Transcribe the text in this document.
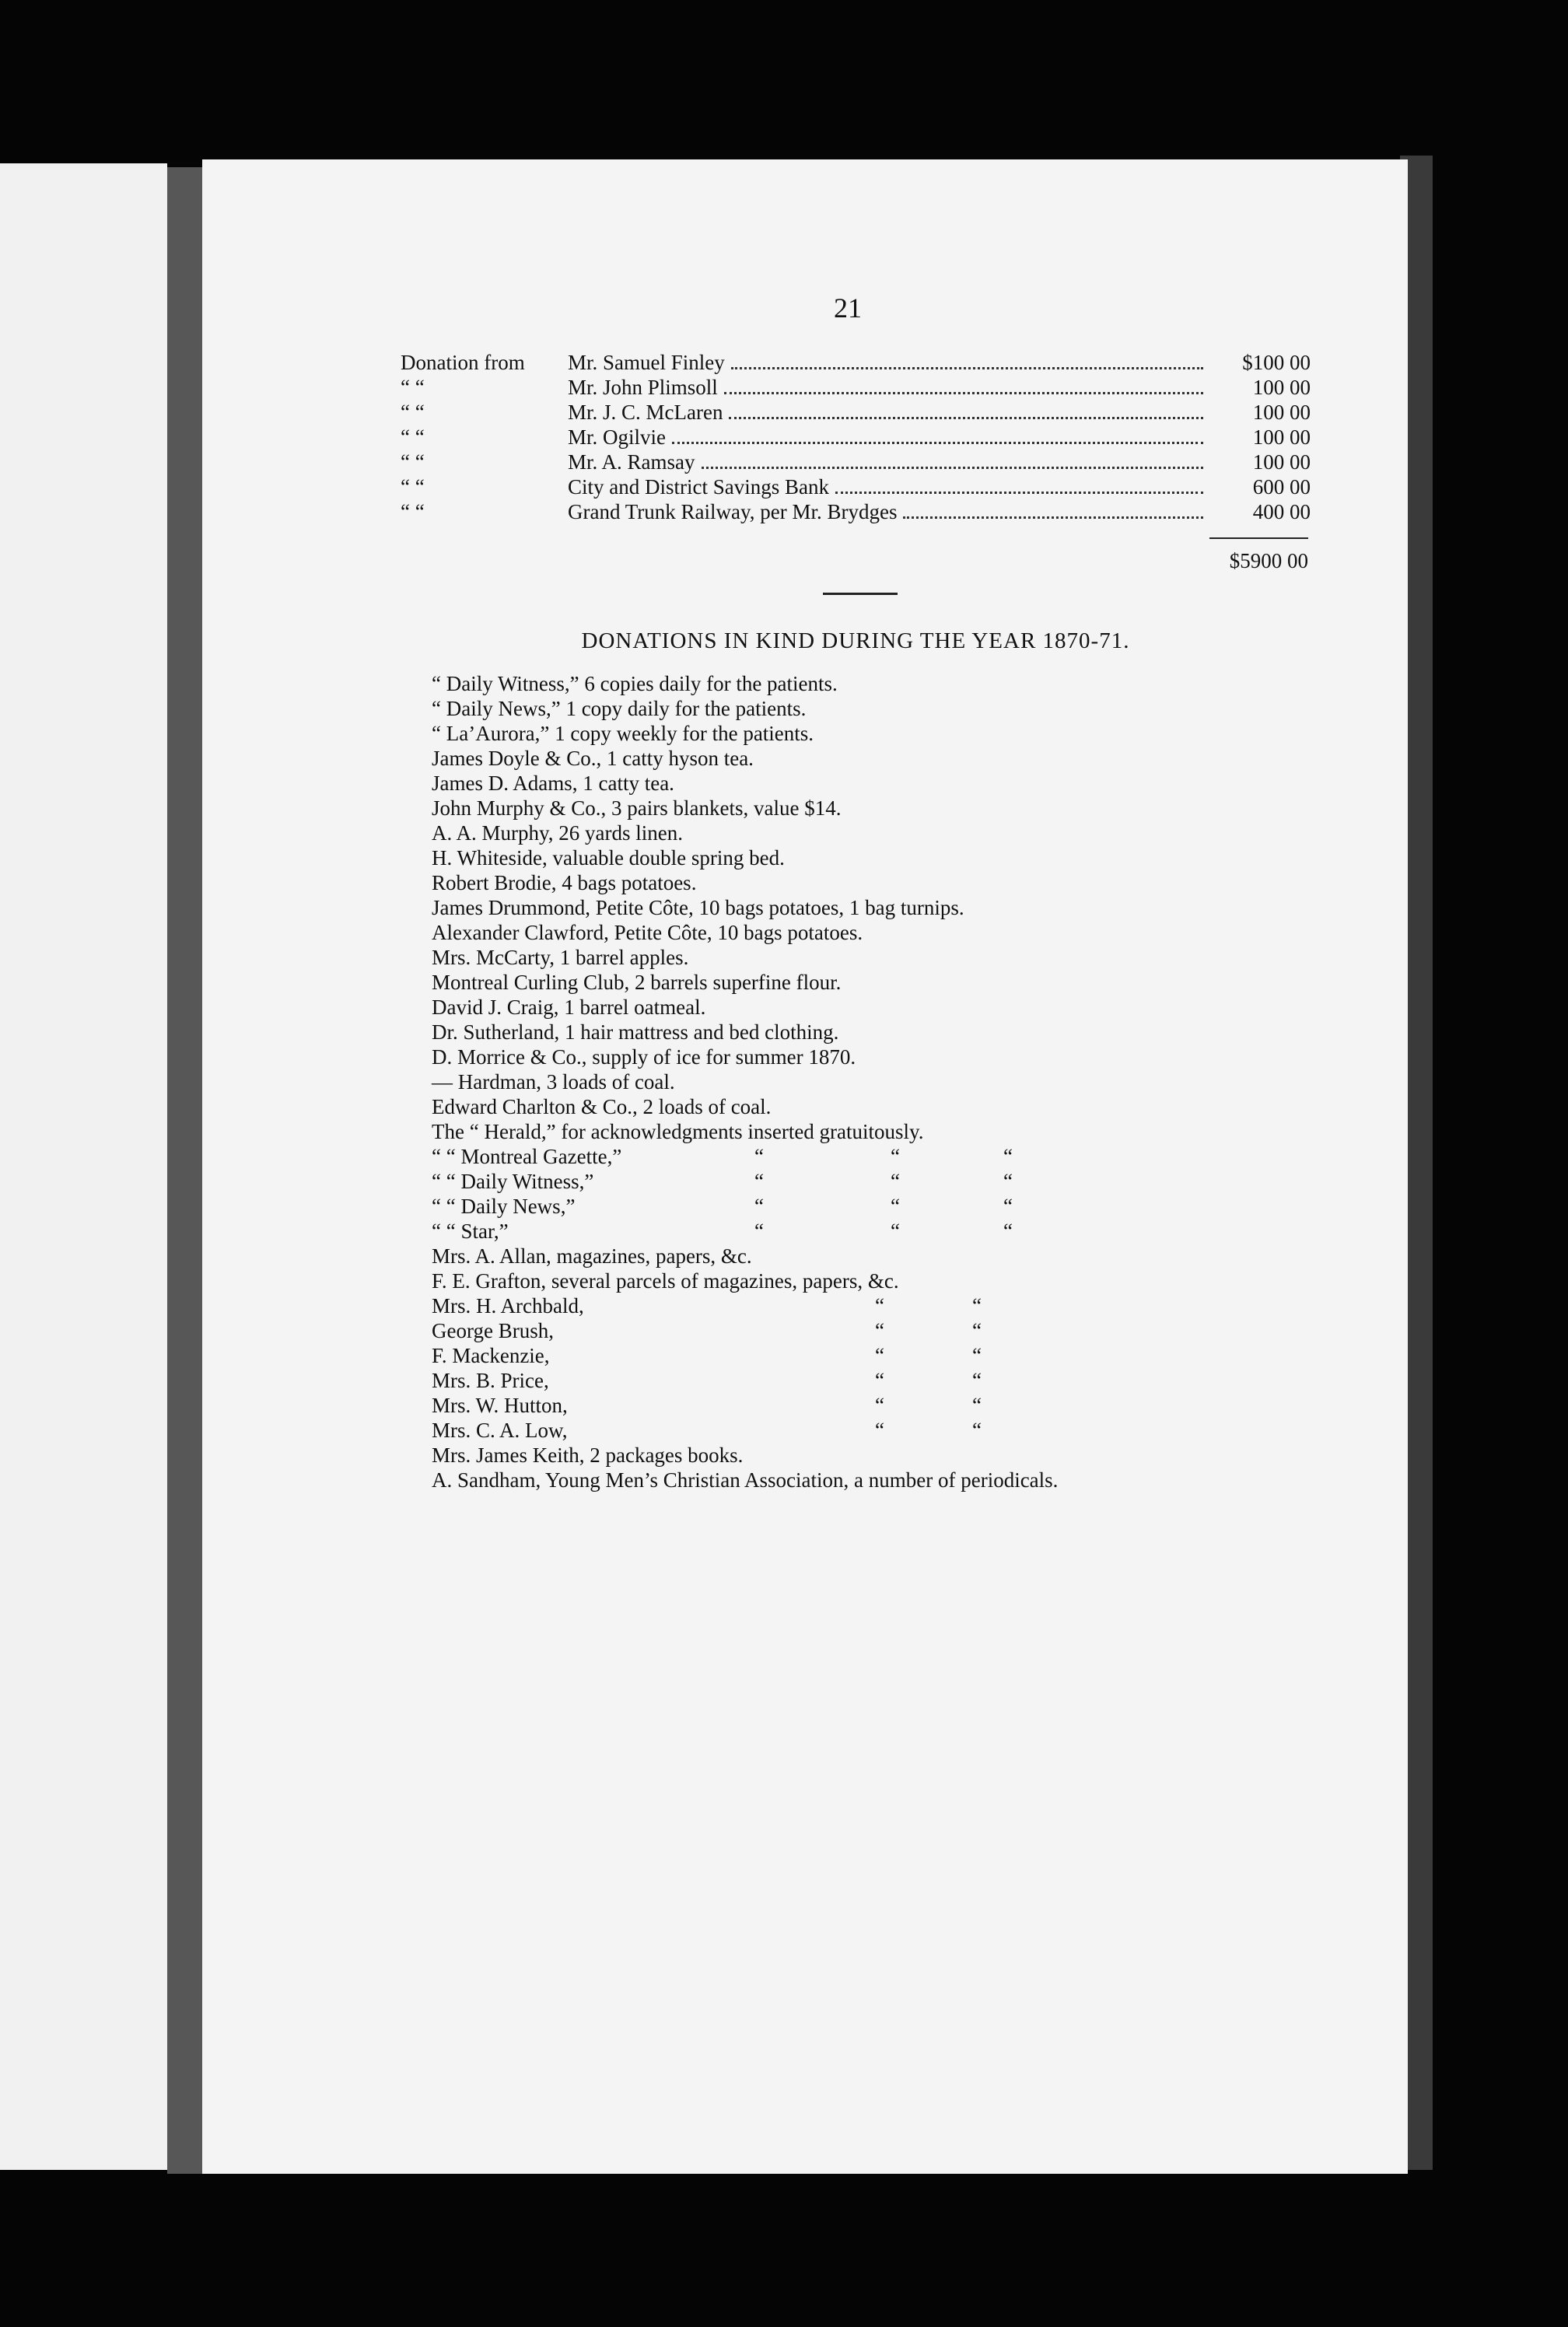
21
Donation from	Mr. Samuel Finley	$100 00
“ “	Mr. John Plimsoll	100 00
“ “	Mr. J. C. McLaren	100 00
“ “	Mr. Ogilvie	100 00
“ “	Mr. A. Ramsay	100 00
“ “	City and District Savings Bank	600 00
“ “	Grand Trunk Railway, per Mr. Brydges	400 00
$5900 00
DONATIONS IN KIND DURING THE YEAR 1870-71.
“ Daily Witness,” 6 copies daily for the patients.
“ Daily News,” 1 copy daily for the patients.
“ La’Aurora,” 1 copy weekly for the patients.
James Doyle & Co., 1 catty hyson tea.
James D. Adams, 1 catty tea.
John Murphy & Co., 3 pairs blankets, value $14.
A. A. Murphy, 26 yards linen.
H. Whiteside, valuable double spring bed.
Robert Brodie, 4 bags potatoes.
James Drummond, Petite Côte, 10 bags potatoes, 1 bag turnips.
Alexander Clawford, Petite Côte, 10 bags potatoes.
Mrs. McCarty, 1 barrel apples.
Montreal Curling Club, 2 barrels superfine flour.
David J. Craig, 1 barrel oatmeal.
Dr. Sutherland, 1 hair mattress and bed clothing.
D. Morrice & Co., supply of ice for summer 1870.
— Hardman, 3 loads of coal.
Edward Charlton & Co., 2 loads of coal.
The “ Herald,” for acknowledgments inserted gratuitously.
“ “ Montreal Gazette,”	“	“	“
“ “ Daily Witness,”	“	“	“
“ “ Daily News,”	“	“	“
“ “ Star,”	“	“	“
Mrs. A. Allan, magazines, papers, &c.
F. E. Grafton, several parcels of magazines, papers, &c.
Mrs. H. Archbald,	“	“
George Brush,	“	“
F. Mackenzie,	“	“
Mrs. B. Price,	“	“
Mrs. W. Hutton,	“	“
Mrs. C. A. Low,	“	“
Mrs. James Keith, 2 packages books.
A. Sandham, Young Men’s Christian Association, a number of periodicals.
